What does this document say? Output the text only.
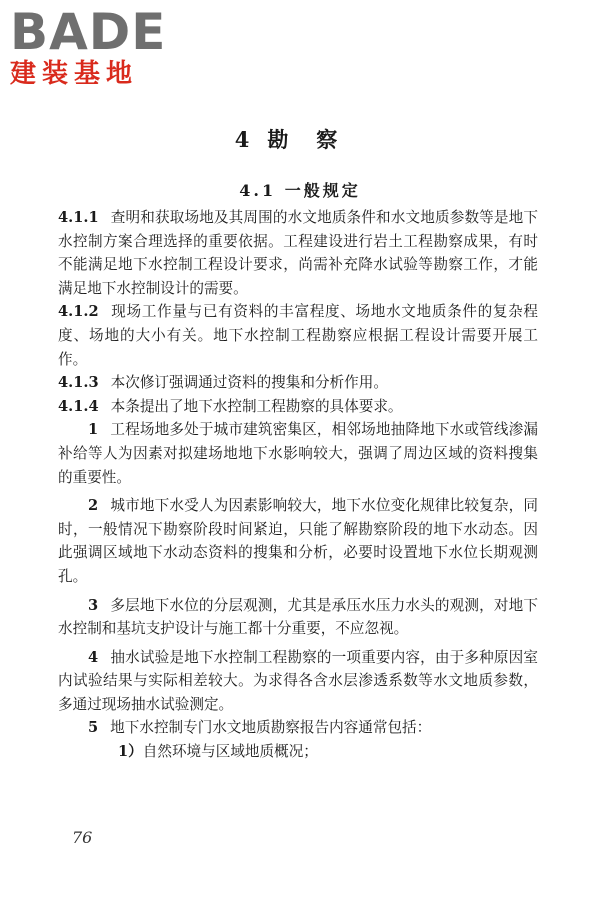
BADE
建装基地
4 勘察
4.1 一般规定

4.1.1 查明和获取场地及其周围的水文地质条件和水文地质参数等是地下水控制方案合理选择的重要依据。工程建设进行岩土工程勘察成果，有时不能满足地下水控制工程设计要求，尚需补充降水试验等勘察工作，才能满足地下水控制设计的需要。

4.1.2 现场工作量与已有资料的丰富程度、场地水文地质条件的复杂程度、场地的大小有关。地下水控制工程勘察应根据工程设计需要开展工作。

4.1.3 本次修订强调通过资料的搜集和分析作用。

4.1.4 本条提出了地下水控制工程勘察的具体要求。

1 工程场地多处于城市建筑密集区，相邻场地抽降地下水或管线渗漏补给等人为因素对拟建场地地下水影响较大，强调了周边区域的资料搜集的重要性。

2 城市地下水受人为因素影响较大，地下水位变化规律比较复杂，同时，一般情况下勘察阶段时间紧迫，只能了解勘察阶段的地下水动态。因此强调区域地下水动态资料的搜集和分析，必要时设置地下水位长期观测孔。

3 多层地下水位的分层观测，尤其是承压水压力水头的观测，对地下水控制和基坑支护设计与施工都十分重要，不应忽视。

4 抽水试验是地下水控制工程勘察的一项重要内容，由于多种原因室内试验结果与实际相差较大。为求得各含水层渗透系数等水文地质参数，多通过现场抽水试验测定。

5 地下水控制专门水文地质勘察报告内容通常包括：

1）自然环境与区域地质概况；

76
